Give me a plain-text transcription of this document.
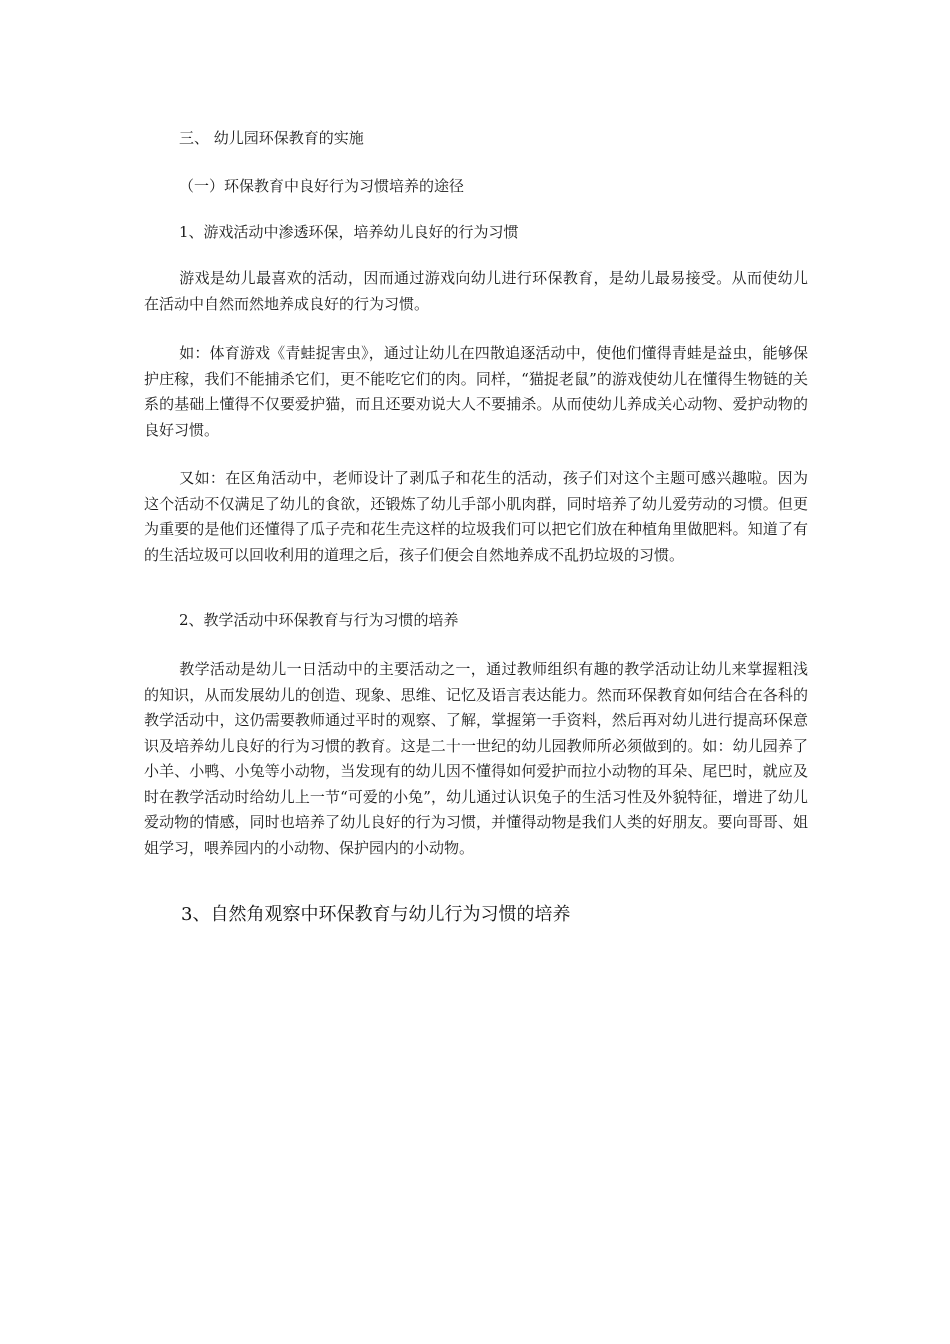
三、 幼儿园环保教育的实施

（一）环保教育中良好行为习惯培养的途径

1、游戏活动中渗透环保，培养幼儿良好的行为习惯

游戏是幼儿最喜欢的活动，因而通过游戏向幼儿进行环保教育，是幼儿最易接受。从而使幼儿在活动中自然而然地养成良好的行为习惯。

如：体育游戏《青蛙捉害虫》，通过让幼儿在四散追逐活动中，使他们懂得青蛙是益虫，能够保护庄稼，我们不能捕杀它们，更不能吃它们的肉。同样，“猫捉老鼠”的游戏使幼儿在懂得生物链的关系的基础上懂得不仅要爱护猫，而且还要劝说大人不要捕杀。从而使幼儿养成关心动物、爱护动物的良好习惯。

又如：在区角活动中，老师设计了剥瓜子和花生的活动，孩子们对这个主题可感兴趣啦。因为这个活动不仅满足了幼儿的食欲，还锻炼了幼儿手部小肌肉群，同时培养了幼儿爱劳动的习惯。但更为重要的是他们还懂得了瓜子壳和花生壳这样的垃圾我们可以把它们放在种植角里做肥料。知道了有的生活垃圾可以回收利用的道理之后，孩子们便会自然地养成不乱扔垃圾的习惯。

2、教学活动中环保教育与行为习惯的培养

教学活动是幼儿一日活动中的主要活动之一，通过教师组织有趣的教学活动让幼儿来掌握粗浅的知识，从而发展幼儿的创造、现象、思维、记忆及语言表达能力。然而环保教育如何结合在各科的教学活动中，这仍需要教师通过平时的观察、了解，掌握第一手资料，然后再对幼儿进行提高环保意识及培养幼儿良好的行为习惯的教育。这是二十一世纪的幼儿园教师所必须做到的。如：幼儿园养了小羊、小鸭、小兔等小动物，当发现有的幼儿因不懂得如何爱护而拉小动物的耳朵、尾巴时，就应及时在教学活动时给幼儿上一节“可爱的小兔”，幼儿通过认识兔子的生活习性及外貌特征，增进了幼儿爱动物的情感，同时也培养了幼儿良好的行为习惯，并懂得动物是我们人类的好朋友。要向哥哥、姐姐学习，喂养园内的小动物、保护园内的小动物。

3、自然角观察中环保教育与幼儿行为习惯的培养
